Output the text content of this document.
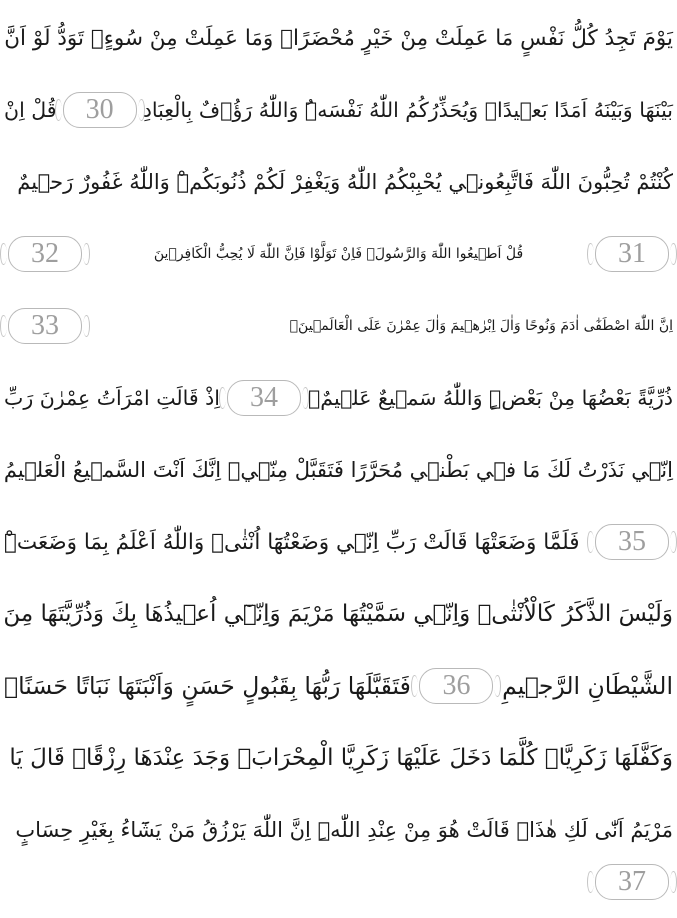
يَوْمَ تَجِدُ كُلُّ نَفْسٍ مَا عَمِلَتْ مِنْ خَيْرٍ مُحْضَرًاۚ وَمَا عَمِلَتْ مِنْ سُوءٍۚ تَوَدُّ لَوْ اَنَّ
بَيْنَهَا وَبَيْنَهُ اَمَدًا بَع۪يدًاۜ وَيُحَذِّرُكُمُ اللّٰهُ نَفْسَهُۜ وَاللّٰهُ رَؤُ۫فٌ بِالْعِبَادِ
30
قُلْ اِنْ
كُنْتُمْ تُحِبُّونَ اللّٰهَ فَاتَّبِعُون۪ي يُحْبِبْكُمُ اللّٰهُ وَيَغْفِرْ لَكُمْ ذُنُوبَكُمْۜ وَاللّٰهُ غَفُورٌ رَح۪يمٌ
31
قُلْ اَط۪يعُوا اللّٰهَ وَالرَّسُولَۚ فَاِنْ تَوَلَّوْا فَاِنَّ اللّٰهَ لَا يُحِبُّ الْكَافِر۪ينَ
32
اِنَّ اللّٰهَ اصْطَفٰٓى اٰدَمَ وَنُوحًا وَاٰلَ اِبْرٰه۪يمَ وَاٰلَ عِمْرٰنَ عَلَى الْعَالَم۪ينَۙ
33
ذُرِّيَّةً بَعْضُهَا مِنْ بَعْضٍۜ وَاللّٰهُ سَم۪يعٌ عَل۪يمٌۚ
34
اِذْ قَالَتِ امْرَاَتُ عِمْرٰنَ رَبِّ
اِنّ۪ي نَذَرْتُ لَكَ مَا ف۪ي بَطْن۪ي مُحَرَّرًا فَتَقَبَّلْ مِنّ۪يۚ اِنَّكَ اَنْتَ السَّم۪يعُ الْعَل۪يمُ
35
فَلَمَّا وَضَعَتْهَا قَالَتْ رَبِّ اِنّ۪ي وَضَعْتُهَٓا اُنْثٰىۜ وَاللّٰهُ اَعْلَمُ بِمَا وَضَعَتْۜ
وَلَيْسَ الذَّكَرُ كَالْاُنْثٰىۚ وَاِنّ۪ي سَمَّيْتُهَا مَرْيَمَ وَاِنّ۪ٓي اُع۪يذُهَا بِكَ وَذُرِّيَّتَهَا مِنَ
الشَّيْطَانِ الرَّج۪يمِ
36
فَتَقَبَّلَهَا رَبُّهَا بِقَبُولٍ حَسَنٍ وَاَنْبَتَهَا نَبَاتًا حَسَنًاۙ
وَكَفَّلَهَا زَكَرِيَّاۚ كُلَّمَا دَخَلَ عَلَيْهَا زَكَرِيَّا الْمِحْرَابَۙ وَجَدَ عِنْدَهَا رِزْقًاۚ قَالَ يَا
مَرْيَمُ اَنّٰى لَكِ هٰذَاۜ قَالَتْ هُوَ مِنْ عِنْدِ اللّٰهِۜ اِنَّ اللّٰهَ يَرْزُقُ مَنْ يَشَٓاءُ بِغَيْرِ حِسَابٍ
37
